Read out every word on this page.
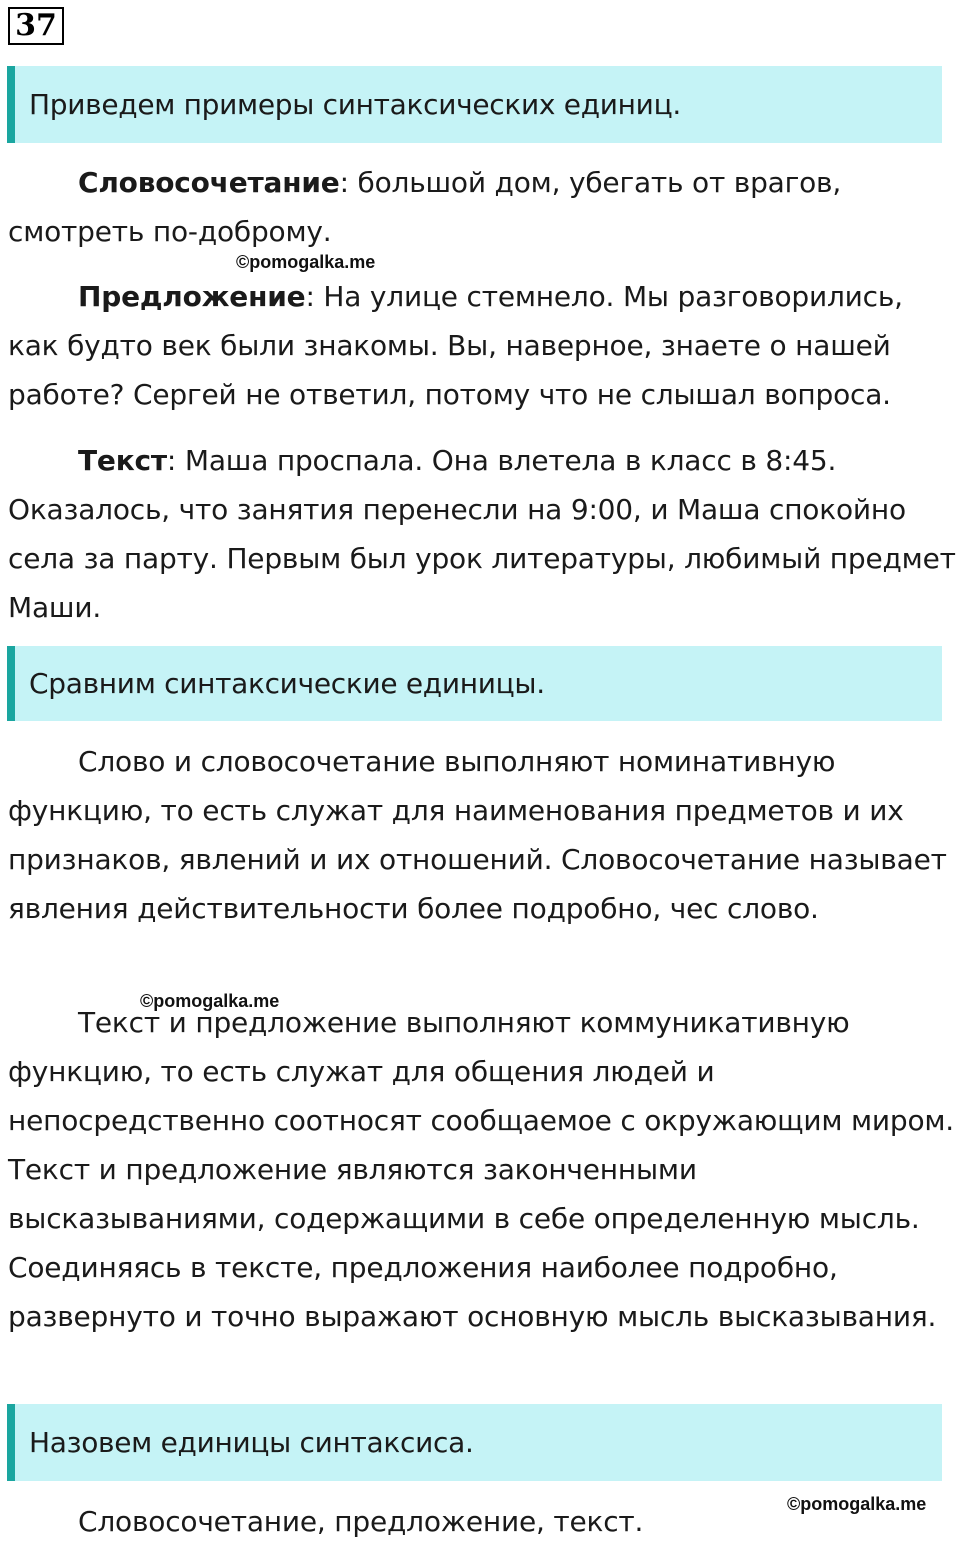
37
Приведем примеры синтаксических единиц.

Словосочетание: большой дом, убегать от врагов, смотреть по-доброму.

©pomogalka.me

Предложение: На улице стемнело. Мы разговорились, как будто век были знакомы. Вы, наверное, знаете о нашей работе? Сергей не ответил, потому что не слышал вопроса.

Текст: Маша проспала. Она влетела в класс в 8:45. Оказалось, что занятия перенесли на 9:00, и Маша спокойно села за парту. Первым был урок литературы, любимый предмет Маши.

Сравним синтаксические единицы.

Слово и словосочетание выполняют номинативную функцию, то есть служат для наименования предметов и их признаков, явлений и их отношений. Словосочетание называет явления действительности более подробно, чес слово.

©pomogalka.me

Текст и предложение выполняют коммуникативную функцию, то есть служат для общения людей и непосредственно соотносят сообщаемое с окружающим миром. Текст и предложение являются законченными высказываниями, содержащими в себе определенную мысль. Соединяясь в тексте, предложения наиболее подробно, развернуто и точно выражают основную мысль высказывания.

Назовем единицы синтаксиса.

Словосочетание, предложение, текст.

©pomogalka.me
